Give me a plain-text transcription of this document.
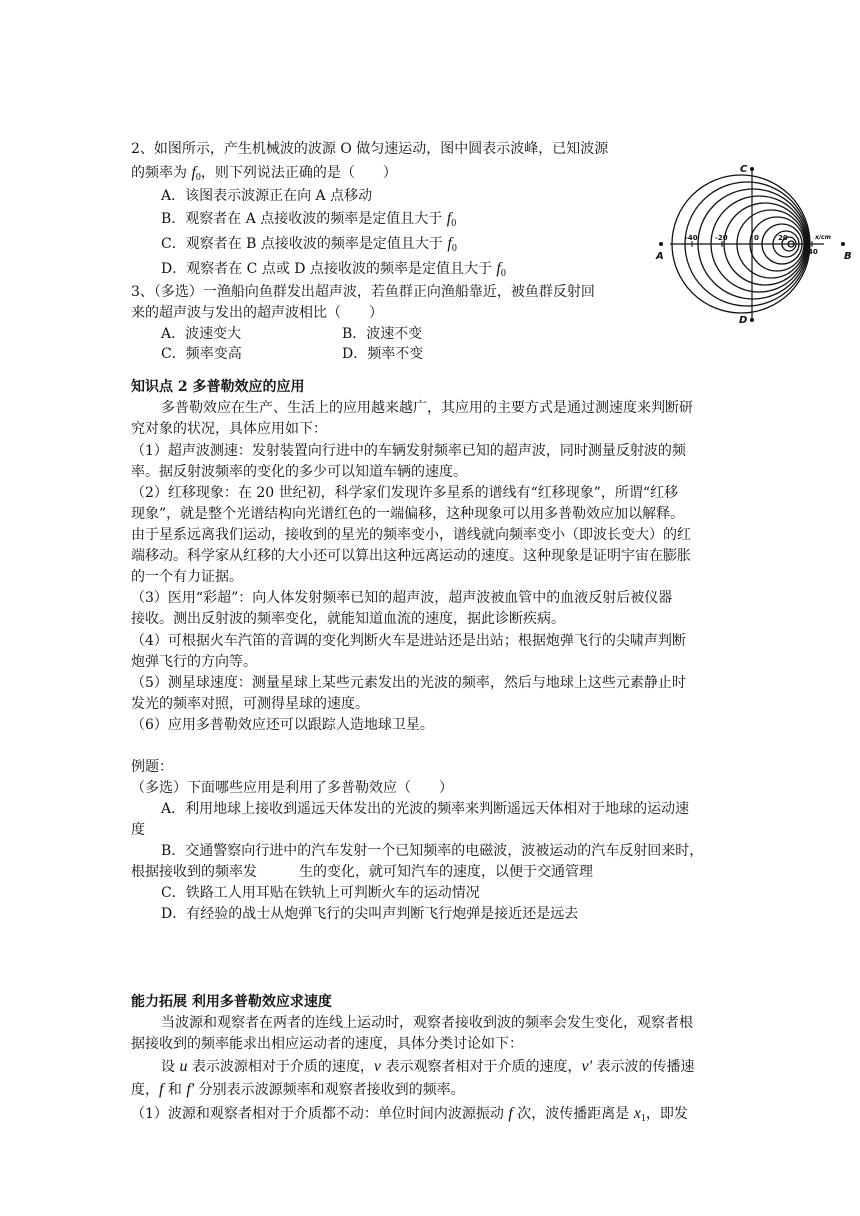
2、如图所示，产生机械波的波源 O 做匀速运动，图中圆表示波峰，已知波源
的频率为 $f_0$，则下列说法正确的是（　　）
A．该图表示波源正在向 A 点移动
B．观察者在 A 点接收波的频率是定值且大于 $f_0$
C．观察者在 B 点接收波的频率是定值且大于 $f_0$
D．观察者在 C 点或 D 点接收波的频率是定值且大于 $f_0$
-40 -20	0	20
40
x/cm
A	B
C
D
3、（多选）一渔船向鱼群发出超声波，若鱼群正向渔船靠近，被鱼群反射回
来的超声波与发出的超声波相比（　　）
A．波速变大	B．波速不变
C．频率变高	D．频率不变
知识点 2 多普勒效应的应用
多普勒效应在生产、生活上的应用越来越广，其应用的主要方式是通过测速度来判断研
究对象的状况，具体应用如下：
（1）超声波测速：发射装置向行进中的车辆发射频率已知的超声波，同时测量反射波的频
率。据反射波频率的变化的多少可以知道车辆的速度。
（2）红移现象：在 20 世纪初，科学家们发现许多星系的谱线有“红移现象”，所谓“红移
现象”，就是整个光谱结构向光谱红色的一端偏移，这种现象可以用多普勒效应加以解释。
由于星系远离我们运动，接收到的星光的频率变小，谱线就向频率变小（即波长变大）的红
端移动。科学家从红移的大小还可以算出这种远离运动的速度。这种现象是证明宇宙在膨胀
的一个有力证据。
（3）医用“彩超”：向人体发射频率已知的超声波，超声波被血管中的血液反射后被仪器
接收。测出反射波的频率变化，就能知道血流的速度，据此诊断疾病。
（4）可根据火车汽笛的音调的变化判断火车是进站还是出站；根据炮弹飞行的尖啸声判断
炮弹飞行的方向等。
（5）测星球速度：测量星球上某些元素发出的光波的频率，然后与地球上这些元素静止时
发光的频率对照，可测得星球的速度。
（6）应用多普勒效应还可以跟踪人造地球卫星。
例题：
（多选）下面哪些应用是利用了多普勒效应（　　）
A．利用地球上接收到遥远天体发出的光波的频率来判断遥远天体相对于地球的运动速
度
B．交通警察向行进中的汽车发射一个已知频率的电磁波，波被运动的汽车反射回来时，
根据接收到的频率发	生的变化，就可知汽车的速度，以便于交通管理
C．铁路工人用耳贴在铁轨上可判断火车的运动情况
D．有经验的战士从炮弹飞行的尖叫声判断飞行炮弹是接近还是远去
能力拓展 利用多普勒效应求速度
当波源和观察者在两者的连线上运动时，观察者接收到波的频率会发生变化，观察者根
据接收到的频率能求出相应运动者的速度，具体分类讨论如下：
设 u 表示波源相对于介质的速度，v 表示观察者相对于介质的速度，v' 表示波的传播速
度，f 和 f' 分别表示波源频率和观察者接收到的频率。
（1）波源和观察者相对于介质都不动：单位时间内波源振动 f 次，波传播距离是 $x_1$，即发
